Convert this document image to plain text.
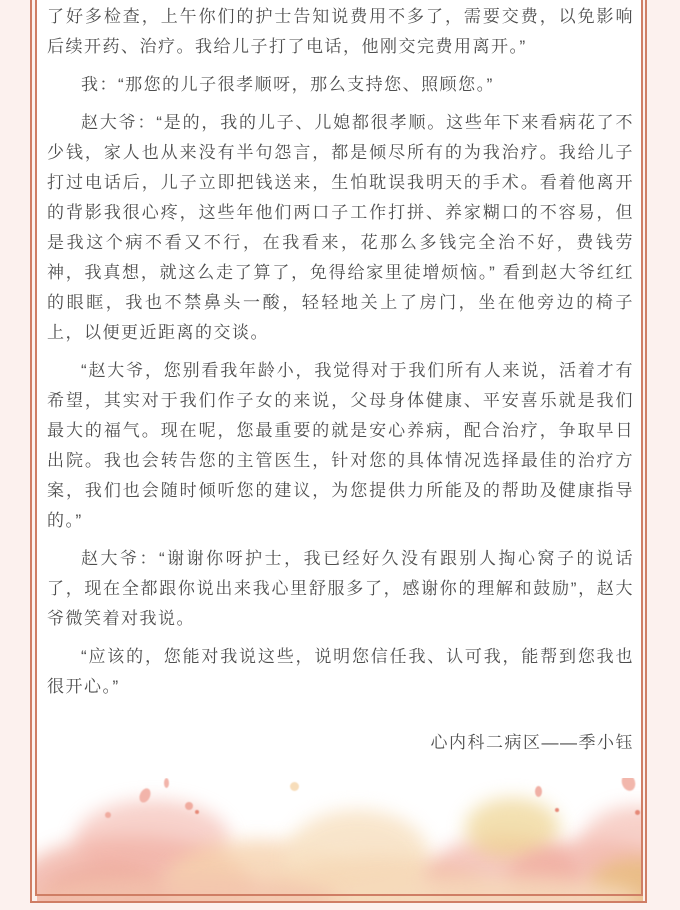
了好多检查，上午你们的护士告知说费用不多了，需要交费，以免影响后续开药、治疗。我给儿子打了电话，他刚交完费用离开。”

我：“那您的儿子很孝顺呀，那么支持您、照顾您。”

赵大爷：“是的，我的儿子、儿媳都很孝顺。这些年下来看病花了不少钱，家人也从来没有半句怨言，都是倾尽所有的为我治疗。我给儿子打过电话后，儿子立即把钱送来，生怕耽误我明天的手术。看着他离开的背影我很心疼，这些年他们两口子工作打拼、养家糊口的不容易，但是我这个病不看又不行，在我看来，花那么多钱完全治不好，费钱劳神，我真想，就这么走了算了，免得给家里徒增烦恼。” 看到赵大爷红红的眼眶，我也不禁鼻头一酸，轻轻地关上了房门，坐在他旁边的椅子上，以便更近距离的交谈。

“赵大爷，您别看我年龄小，我觉得对于我们所有人来说，活着才有希望，其实对于我们作子女的来说，父母身体健康、平安喜乐就是我们最大的福气。现在呢，您最重要的就是安心养病，配合治疗，争取早日出院。我也会转告您的主管医生，针对您的具体情况选择最佳的治疗方案，我们也会随时倾听您的建议，为您提供力所能及的帮助及健康指导的。”

赵大爷：“谢谢你呀护士，我已经好久没有跟别人掏心窝子的说话了，现在全都跟你说出来我心里舒服多了，感谢你的理解和鼓励”，赵大爷微笑着对我说。

“应该的，您能对我说这些，说明您信任我、认可我，能帮到您我也很开心。”

心内科二病区——季小钰
